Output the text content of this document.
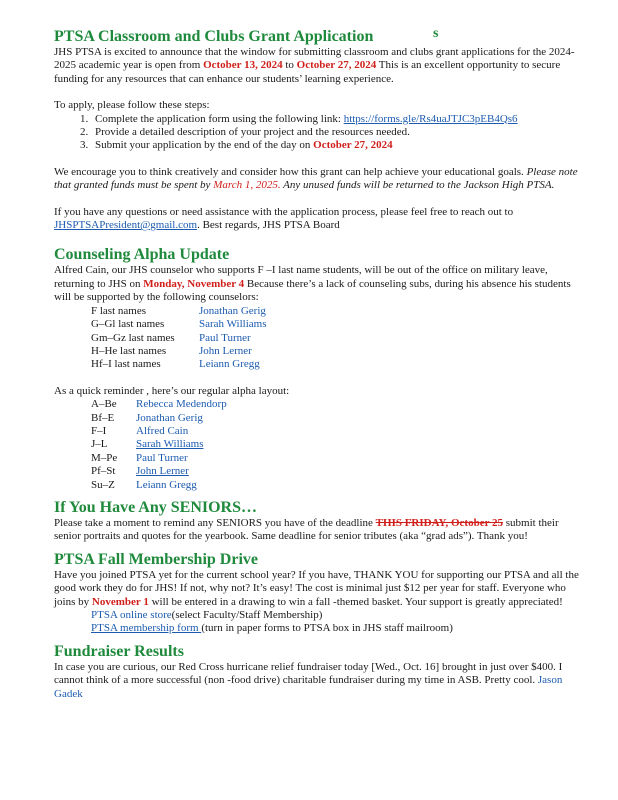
s
PTSA Classroom and Clubs Grant Application

JHS PTSA is excited to announce that the window for submitting classroom and clubs grant applications for the 2024-2025 academic year is open from October 13, 2024 to October 27, 2024 This is an excellent opportunity to secure funding for any resources that can enhance our students’ learning experience.

To apply, please follow these steps:

1. Complete the application form using the following link: https://forms.gle/Rs4uaJTJC3pEB4Qs6
2. Provide a detailed description of your project and the resources needed.
3. Submit your application by the end of the day on October 27, 2024

We encourage you to think creatively and consider how this grant can help achieve your educational goals. Please note that granted funds must be spent by March 1, 2025. Any unused funds will be returned to the Jackson High PTSA.

If you have any questions or need assistance with the application process, please feel free to reach out to JHSPTSAPresident@gmail.com. Best regards, JHS PTSA Board

Counseling Alpha Update

Alfred Cain, our JHS counselor who supports F –I last name students, will be out of the office on military leave, returning to JHS on Monday, November 4 Because there’s a lack of counseling subs, during his absence his students will be supported by the following counselors:

F last names	Jonathan Gerig
G–Gl last names	Sarah Williams
Gm–Gz last names	Paul Turner
H–He last names	John Lerner
Hf–I last names	Leiann Gregg

As a quick reminder , here’s our regular alpha layout:

A–Be	Rebecca Medendorp
Bf–E	Jonathan Gerig
F–I	Alfred Cain
J–L	Sarah Williams
M–Pe	Paul Turner
Pf–St	John Lerner
Su–Z	Leiann Gregg
If You Have Any SENIORS…

Please take a moment to remind any SENIORS you have of the deadline THIS FRIDAY, October 25 submit their senior portraits and quotes for the yearbook. Same deadline for senior tributes (aka “grad ads”). Thank you!

PTSA Fall Membership Drive

Have you joined PTSA yet for the current school year? If you have, THANK YOU for supporting our PTSA and all the good work they do for JHS! If not, why not? It’s easy! The cost is minimal just $12 per year for staff. Everyone who joins by November 1 will be entered in a drawing to win a fall -themed basket. Your support is greatly appreciated!

PTSA online store(select Faculty/Staff Membership)

PTSA membership form (turn in paper forms to PTSA box in JHS staff mailroom)

Fundraiser Results

In case you are curious, our Red Cross hurricane relief fundraiser today [Wed., Oct. 16] brought in just over $400. I cannot think of a more successful (non -food drive) charitable fundraiser during my time in ASB. Pretty cool. Jason Gadek
